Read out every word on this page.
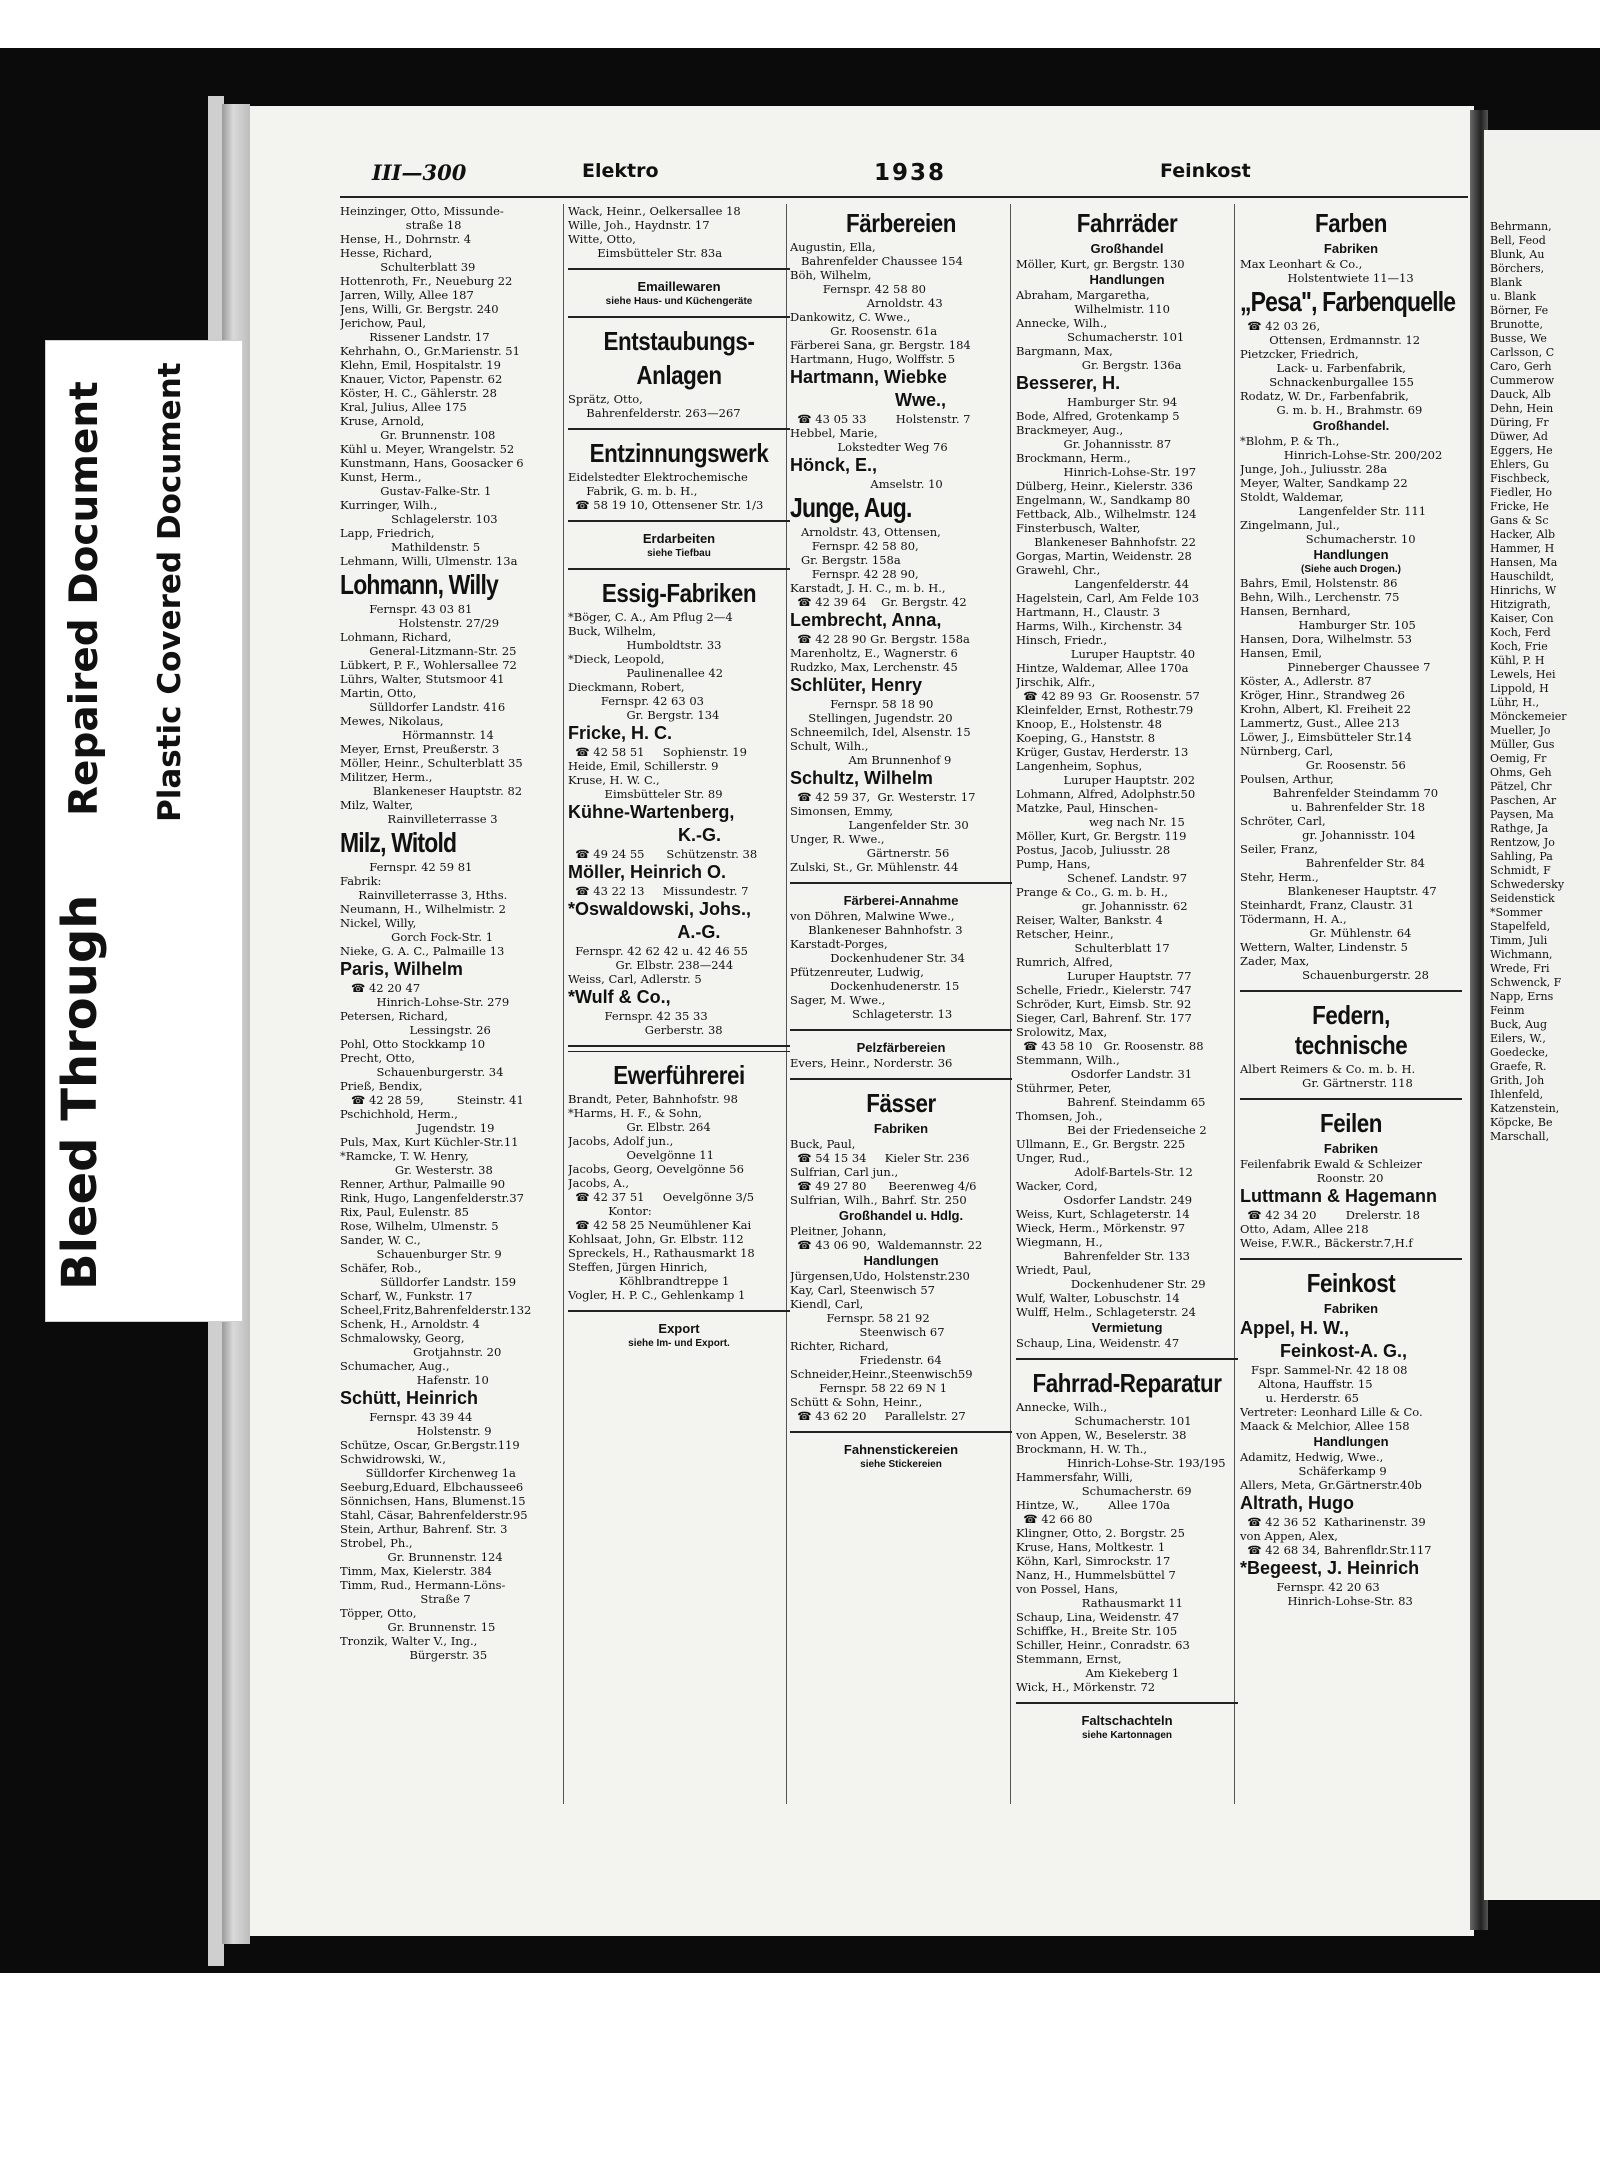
Behrmann,
Bell, Feod
Blunk, Au
Börchers,
Blank
u. Blank
Börner, Fe
Brunotte,
Busse, We
Carlsson, C
Caro, Gerh
Cummerow
Dauck, Alb
Dehn, Hein
Düring, Fr
Düwer, Ad
Eggers, He
Ehlers, Gu
Fischbeck,
Fiedler, Ho
Fricke, He
Gans & Sc
Hacker, Alb
Hammer, H
Hansen, Ma
Hauschildt,
Hinrichs, W
Hitzigrath,
Kaiser, Con
Koch, Ferd
Koch, Frie
Kühl, P. H
Lewels, Hei
Lippold, H
Lühr, H.,
Mönckemeier
Mueller, Jo
Müller, Gus
Oemig, Fr
Ohms, Geh
Pätzel, Chr
Paschen, Ar
Paysen, Ma
Rathge, Ja
Rentzow, Jo
Sahling, Pa
Schmidt, F
Schwedersky
Seidenstick
*Sommer
Stapelfeld,
Timm, Juli
Wichmann,
Wrede, Fri
Schwenck, F
Napp, Erns
Feinm
Buck, Aug
Eilers, W.,
Goedecke,
Graefe, R.
Grith, Joh
Ihlenfeld,
Katzenstein,
Köpcke, Be
Marschall,
Bleed Through
Repaired Document Plastic Covered Document
III—300	Elektro	1938	Feinkost
Heinzinger, Otto, Missunde-
straße 18
Hense, H., Dohrnstr. 4
Hesse, Richard,
Schulterblatt 39
Hottenroth, Fr., Neueburg 22
Jarren, Willy, Allee 187
Jens, Willi, Gr. Bergstr. 240
Jerichow, Paul,
Rissener Landstr. 17
Kehrhahn, O., Gr.Marienstr. 51
Klehn, Emil, Hospitalstr. 19
Knauer, Victor, Papenstr. 62
Köster, H. C., Gählerstr. 28
Kral, Julius, Allee 175
Kruse, Arnold,
Gr. Brunnenstr. 108
Kühl u. Meyer, Wrangelstr. 52
Kunstmann, Hans, Goosacker 6
Kunst, Herm.,
Gustav-Falke-Str. 1
Kurringer, Wilh.,
Schlagelerstr. 103
Lapp, Friedrich,
Mathildenstr. 5
Lehmann, Willi, Ulmenstr. 13a
Lohmann, Willy
Fernspr. 43 03 81
Holstenstr. 27/29
Lohmann, Richard,
General-Litzmann-Str. 25
Lübkert, P. F., Wohlersallee 72
Lührs, Walter, Stutsmoor 41
Martin, Otto,
Sülldorfer Landstr. 416
Mewes, Nikolaus,
Hörmannstr. 14
Meyer, Ernst, Preußerstr. 3
Möller, Heinr., Schulterblatt 35
Militzer, Herm.,
Blankeneser Hauptstr. 82
Milz, Walter,
Rainvilleterrasse 3
Milz, Witold
Fernspr. 42 59 81
Fabrik:
Rainvilleterrasse 3, Hths.
Neumann, H., Wilhelmistr. 2
Nickel, Willy,
Gorch Fock-Str. 1
Nieke, G. A. C., Palmaille 13
Paris, Wilhelm
☎ 42 20 47
Hinrich-Lohse-Str. 279
Petersen, Richard,
Lessingstr. 26
Pohl, Otto Stockkamp 10
Precht, Otto,
Schauenburgerstr. 34
Prieß, Bendix,
☎ 42 28 59,         Steinstr. 41
Pschichhold, Herm.,
Jugendstr. 19
Puls, Max, Kurt Küchler-Str.11
*Ramcke, T. W. Henry,
Gr. Westerstr. 38
Renner, Arthur, Palmaille 90
Rink, Hugo, Langenfelderstr.37
Rix, Paul, Eulenstr. 85
Rose, Wilhelm, Ulmenstr. 5
Sander, W. C.,
Schauenburger Str. 9
Schäfer, Rob.,
Sülldorfer Landstr. 159
Scharf, W., Funkstr. 17
Scheel,Fritz,Bahrenfelderstr.132
Schenk, H., Arnoldstr. 4
Schmalowsky, Georg,
Grotjahnstr. 20
Schumacher, Aug.,
Hafenstr. 10
Schütt, Heinrich
Fernspr. 43 39 44
Holstenstr. 9
Schütze, Oscar, Gr.Bergstr.119
Schwidrowski, W.,
Sülldorfer Kirchenweg 1a
Seeburg,Eduard, Elbchaussee6
Sönnichsen, Hans, Blumenst.15
Stahl, Cäsar, Bahrenfelderstr.95
Stein, Arthur, Bahrenf. Str. 3
Strobel, Ph.,
Gr. Brunnenstr. 124
Timm, Max, Kielerstr. 384
Timm, Rud., Hermann-Löns-
Straße 7
Töpper, Otto,
Gr. Brunnenstr. 15
Tronzik, Walter V., Ing.,
Bürgerstr. 35
Wack, Heinr., Oelkersallee 18
Wille, Joh., Haydnstr. 17
Witte, Otto,
Eimsbütteler Str. 83a
Emaillewaren
siehe Haus- und Küchengeräte
Entstaubungs-
Anlagen
Sprätz, Otto,
Bahrenfelderstr. 263—267
Entzinnungswerk
Eidelstedter Elektrochemische
Fabrik, G. m. b. H.,
☎ 58 19 10, Ottensener Str. 1/3
Erdarbeiten
siehe Tiefbau
Essig-Fabriken
*Böger, C. A., Am Pflug 2—4
Buck, Wilhelm,
Humboldtstr. 33
*Dieck, Leopold,
Paulinenallee 42
Dieckmann, Robert,
Fernspr. 42 63 03
Gr. Bergstr. 134
Fricke, H. C.
☎ 42 58 51     Sophienstr. 19
Heide, Emil, Schillerstr. 9
Kruse, H. W. C.,
Eimsbütteler Str. 89
Kühne-Wartenberg,
K.-G.
☎ 49 24 55      Schützenstr. 38
Möller, Heinrich O.
☎ 43 22 13     Missundestr. 7
*Oswaldowski, Johs.,
A.-G.
Fernspr. 42 62 42 u. 42 46 55
Gr. Elbstr. 238—244
Weiss, Carl, Adlerstr. 5
*Wulf & Co.,
Fernspr. 42 35 33
Gerberstr. 38
Ewerführerei
Brandt, Peter, Bahnhofstr. 98
*Harms, H. F., & Sohn,
Gr. Elbstr. 264
Jacobs, Adolf jun.,
Oevelgönne 11
Jacobs, Georg, Oevelgönne 56
Jacobs, A.,
☎ 42 37 51     Oevelgönne 3/5
Kontor:
☎ 42 58 25 Neumühlener Kai
Kohlsaat, John, Gr. Elbstr. 112
Spreckels, H., Rathausmarkt 18
Steffen, Jürgen Hinrich,
Köhlbrandtreppe 1
Vogler, H. P. C., Gehlenkamp 1
Export
siehe Im- und Export.
Färbereien
Augustin, Ella,
Bahrenfelder Chaussee 154
Böh, Wilhelm,
Fernspr. 42 58 80
Arnoldstr. 43
Dankowitz, C. Wwe.,
Gr. Roosenstr. 61a
Färberei Sana, gr. Bergstr. 184
Hartmann, Hugo, Wolffstr. 5
Hartmann, Wiebke
Wwe.,
☎ 43 05 33        Holstenstr. 7
Hebbel, Marie,
Lokstedter Weg 76
Hönck, E.,
Amselstr. 10
Junge, Aug.
Arnoldstr. 43, Ottensen,
Fernspr. 42 58 80,
Gr. Bergstr. 158a
Fernspr. 42 28 90,
Karstadt, J. H. C., m. b. H.,
☎ 42 39 64    Gr. Bergstr. 42
Lembrecht, Anna,
☎ 42 28 90 Gr. Bergstr. 158a
Marenholtz, E., Wagnerstr. 6
Rudzko, Max, Lerchenstr. 45
Schlüter, Henry
Fernspr. 58 18 90
Stellingen, Jugendstr. 20
Schneemilch, Idel, Alsenstr. 15
Schult, Wilh.,
Am Brunnenhof 9
Schultz, Wilhelm
☎ 42 59 37,  Gr. Westerstr. 17
Simonsen, Emmy,
Langenfelder Str. 30
Unger, R. Wwe.,
Gärtnerstr. 56
Zulski, St., Gr. Mühlenstr. 44
Färberei-Annahme
von Döhren, Malwine Wwe.,
Blankeneser Bahnhofstr. 3
Karstadt-Porges,
Dockenhudener Str. 34
Pfützenreuter, Ludwig,
Dockenhudenerstr. 15
Sager, M. Wwe.,
Schlageterstr. 13
Pelzfärbereien
Evers, Heinr., Norderstr. 36
Fässer
Fabriken
Buck, Paul,
☎ 54 15 34     Kieler Str. 236
Sulfrian, Carl jun.,
☎ 49 27 80      Beerenweg 4/6
Sulfrian, Wilh., Bahrf. Str. 250
Großhandel u. Hdlg.
Pleitner, Johann,
☎ 43 06 90,  Waldemannstr. 22
Handlungen
Jürgensen,Udo, Holstenstr.230
Kay, Carl, Steenwisch 57
Kiendl, Carl,
Fernspr. 58 21 92
Steenwisch 67
Richter, Richard,
Friedenstr. 64
Schneider,Heinr.,Steenwisch59
Fernspr. 58 22 69 N 1
Schütt & Sohn, Heinr.,
☎ 43 62 20     Parallelstr. 27
Fahnenstickereien
siehe Stickereien
Fahrräder
Großhandel
Möller, Kurt, gr. Bergstr. 130
Handlungen
Abraham, Margaretha,
Wilhelmistr. 110
Annecke, Wilh.,
Schumacherstr. 101
Bargmann, Max,
Gr. Bergstr. 136a
Besserer, H.
Hamburger Str. 94
Bode, Alfred, Grotenkamp 5
Brackmeyer, Aug.,
Gr. Johannisstr. 87
Brockmann, Herm.,
Hinrich-Lohse-Str. 197
Dülberg, Heinr., Kielerstr. 336
Engelmann, W., Sandkamp 80
Fettback, Alb., Wilhelmstr. 124
Finsterbusch, Walter,
Blankeneser Bahnhofstr. 22
Gorgas, Martin, Weidenstr. 28
Grawehl, Chr.,
Langenfelderstr. 44
Hagelstein, Carl, Am Felde 103
Hartmann, H., Claustr. 3
Harms, Wilh., Kirchenstr. 34
Hinsch, Friedr.,
Luruper Hauptstr. 40
Hintze, Waldemar, Allee 170a
Jirschik, Alfr.,
☎ 42 89 93  Gr. Roosenstr. 57
Kleinfelder, Ernst, Rothestr.79
Knoop, E., Holstenstr. 48
Koeping, G., Hanststr. 8
Krüger, Gustav, Herderstr. 13
Langenheim, Sophus,
Luruper Hauptstr. 202
Lohmann, Alfred, Adolphstr.50
Matzke, Paul, Hinschen-
weg nach Nr. 15
Möller, Kurt, Gr. Bergstr. 119
Postus, Jacob, Juliusstr. 28
Pump, Hans,
Schenef. Landstr. 97
Prange & Co., G. m. b. H.,
gr. Johannisstr. 62
Reiser, Walter, Bankstr. 4
Retscher, Heinr.,
Schulterblatt 17
Rumrich, Alfred,
Luruper Hauptstr. 77
Schelle, Friedr., Kielerstr. 747
Schröder, Kurt, Eimsb. Str. 92
Sieger, Carl, Bahrenf. Str. 177
Srolowitz, Max,
☎ 43 58 10   Gr. Roosenstr. 88
Stemmann, Wilh.,
Osdorfer Landstr. 31
Stührmer, Peter,
Bahrenf. Steindamm 65
Thomsen, Joh.,
Bei der Friedenseiche 2
Ullmann, E., Gr. Bergstr. 225
Unger, Rud.,
Adolf-Bartels-Str. 12
Wacker, Cord,
Osdorfer Landstr. 249
Weiss, Kurt, Schlageterstr. 14
Wieck, Herm., Mörkenstr. 97
Wiegmann, H.,
Bahrenfelder Str. 133
Wriedt, Paul,
Dockenhudener Str. 29
Wulf, Walter, Lobuschstr. 14
Wulff, Helm., Schlageterstr. 24
Vermietung
Schaup, Lina, Weidenstr. 47
Fahrrad-Reparatur
Annecke, Wilh.,
Schumacherstr. 101
von Appen, W., Beselerstr. 38
Brockmann, H. W. Th.,
Hinrich-Lohse-Str. 193/195
Hammersfahr, Willi,
Schumacherstr. 69
Hintze, W.,        Allee 170a
☎ 42 66 80
Klingner, Otto, 2. Borgstr. 25
Kruse, Hans, Moltkestr. 1
Köhn, Karl, Simrockstr. 17
Nanz, H., Hummelsbüttel 7
von Possel, Hans,
Rathausmarkt 11
Schaup, Lina, Weidenstr. 47
Schiffke, H., Breite Str. 105
Schiller, Heinr., Conradstr. 63
Stemmann, Ernst,
Am Kiekeberg 1
Wick, H., Mörkenstr. 72
Faltschachteln
siehe Kartonnagen
Farben
Fabriken
Max Leonhart & Co.,
Holstentwiete 11—13
„Pesa", Farbenquelle
☎ 42 03 26,
Ottensen, Erdmannstr. 12
Pietzcker, Friedrich,
Lack- u. Farbenfabrik,
Schnackenburgallee 155
Rodatz, W. Dr., Farbenfabrik,
G. m. b. H., Brahmstr. 69
Großhandel.
*Blohm, P. & Th.,
Hinrich-Lohse-Str. 200/202
Junge, Joh., Juliusstr. 28a
Meyer, Walter, Sandkamp 22
Stoldt, Waldemar,
Langenfelder Str. 111
Zingelmann, Jul.,
Schumacherstr. 10
Handlungen
(Siehe auch Drogen.)
Bahrs, Emil, Holstenstr. 86
Behn, Wilh., Lerchenstr. 75
Hansen, Bernhard,
Hamburger Str. 105
Hansen, Dora, Wilhelmstr. 53
Hansen, Emil,
Pinneberger Chaussee 7
Köster, A., Adlerstr. 87
Kröger, Hinr., Strandweg 26
Krohn, Albert, Kl. Freiheit 22
Lammertz, Gust., Allee 213
Löwer, J., Eimsbütteler Str.14
Nürnberg, Carl,
Gr. Roosenstr. 56
Poulsen, Arthur,
Bahrenfelder Steindamm 70
u. Bahrenfelder Str. 18
Schröter, Carl,
gr. Johannisstr. 104
Seiler, Franz,
Bahrenfelder Str. 84
Stehr, Herm.,
Blankeneser Hauptstr. 47
Steinhardt, Franz, Claustr. 31
Tödermann, H. A.,
Gr. Mühlenstr. 64
Wettern, Walter, Lindenstr. 5
Zader, Max,
Schauenburgerstr. 28
Federn, technische
Albert Reimers & Co. m. b. H.
Gr. Gärtnerstr. 118
Feilen
Fabriken
Feilenfabrik Ewald & Schleizer
Roonstr. 20
Luttmann & Hagemann
☎ 42 34 20        Drelerstr. 18
Otto, Adam, Allee 218
Weise, F.W.R., Bäckerstr.7,H.f
Feinkost
Fabriken
Appel, H. W.,
Feinkost-A. G.,
Fspr. Sammel-Nr. 42 18 08
Altona, Hauffstr. 15
u. Herderstr. 65
Vertreter: Leonhard Lille & Co.
Maack & Melchior, Allee 158
Handlungen
Adamitz, Hedwig, Wwe.,
Schäferkamp 9
Allers, Meta, Gr.Gärtnerstr.40b
Altrath, Hugo
☎ 42 36 52  Katharinenstr. 39
von Appen, Alex,
☎ 42 68 34, Bahrenfldr.Str.117
*Begeest, J. Heinrich
Fernspr. 42 20 63
Hinrich-Lohse-Str. 83
